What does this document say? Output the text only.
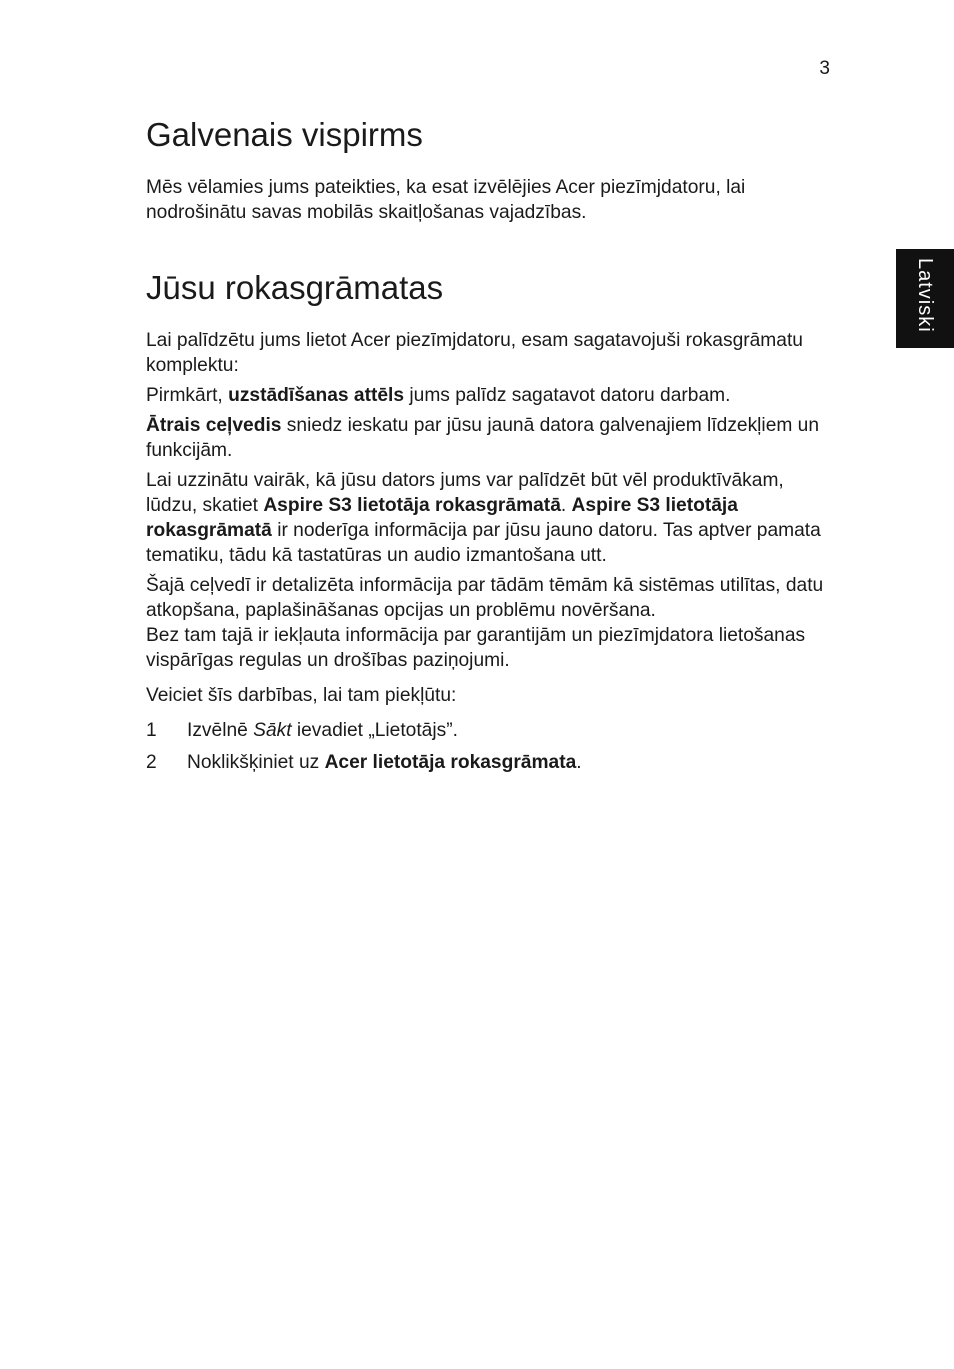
3
Latviski
Galvenais vispirms

Mēs vēlamies jums pateikties, ka esat izvēlējies Acer piezīmjdatoru, lai nodrošinātu savas mobilās skaitļošanas vajadzības.

Jūsu rokasgrāmatas

Lai palīdzētu jums lietot Acer piezīmjdatoru, esam sagatavojuši rokasgrāmatu komplektu:

Pirmkārt, uzstādīšanas attēls jums palīdz sagatavot datoru darbam.

Ātrais ceļvedis sniedz ieskatu par jūsu jaunā datora galvenajiem līdzekļiem un funkcijām.

Lai uzzinātu vairāk, kā jūsu dators jums var palīdzēt būt vēl produktīvākam, lūdzu, skatiet Aspire S3 lietotāja rokasgrāmatā. Aspire S3 lietotāja rokasgrāmatā ir noderīga informācija par jūsu jauno datoru. Tas aptver pamata tematiku, tādu kā tastatūras un audio izmantošana utt.

Šajā ceļvedī ir detalizēta informācija par tādām tēmām kā sistēmas utilītas, datu atkopšana, paplašināšanas opcijas un problēmu novēršana.

Bez tam tajā ir iekļauta informācija par garantijām un piezīmjdatora lietošanas vispārīgas regulas un drošības paziņojumi.

Veiciet šīs darbības, lai tam piekļūtu:

1	Izvēlnē Sākt ievadiet „Lietotājs”.
2	Noklikšķiniet uz Acer lietotāja rokasgrāmata.
